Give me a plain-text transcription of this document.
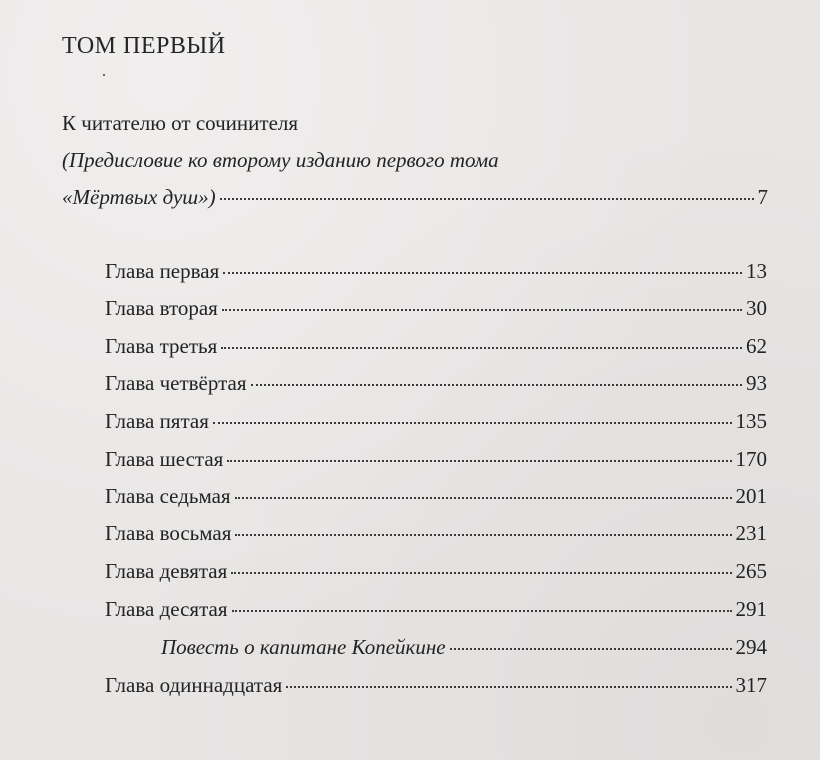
ТОМ ПЕРВЫЙ
К читателю от сочинителя
(Предисловие ко второму изданию первого тома
«Мёртвых душ»)	7
Глава первая	13
Глава вторая	30
Глава третья	62
Глава четвёртая	93
Глава пятая	135
Глава шестая	170
Глава седьмая	201
Глава восьмая	231
Глава девятая	265
Глава десятая	291
Повесть о капитане Копейкине	294
Глава одиннадцатая	317
